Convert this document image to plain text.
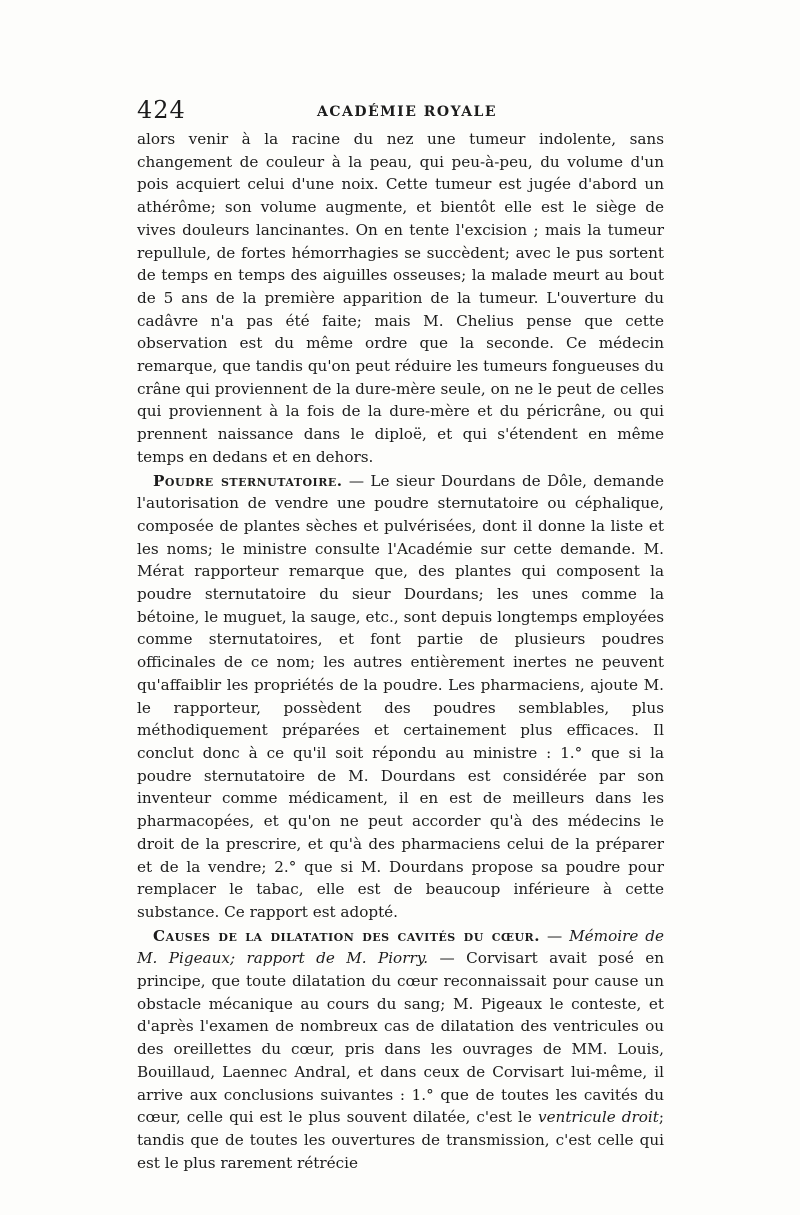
424	ACADÉMIE ROYALE

alors venir à la racine du nez une tumeur indolente, sans changement de couleur à la peau, qui peu-à-peu, du volume d'un pois acquiert celui d'une noix. Cette tumeur est jugée d'abord un athérôme; son volume augmente, et bientôt elle est le siège de vives douleurs lancinantes. On en tente l'excision ; mais la tumeur repullule, de fortes hémorrhagies se succèdent; avec le pus sortent de temps en temps des aiguilles osseuses; la malade meurt au bout de 5 ans de la première apparition de la tumeur. L'ouverture du cadâvre n'a pas été faite; mais M. Chelius pense que cette observation est du même ordre que la seconde. Ce médecin remarque, que tandis qu'on peut réduire les tumeurs fongueuses du crâne qui proviennent de la dure-mère seule, on ne le peut de celles qui proviennent à la fois de la dure-mère et du péricrâne, ou qui prennent naissance dans le diploë, et qui s'étendent en même temps en dedans et en dehors.

Poudre sternutatoire. — Le sieur Dourdans de Dôle, demande l'autorisation de vendre une poudre sternutatoire ou céphalique, composée de plantes sèches et pulvérisées, dont il donne la liste et les noms; le ministre consulte l'Académie sur cette demande. M. Mérat rapporteur remarque que, des plantes qui composent la poudre sternutatoire du sieur Dourdans; les unes comme la bétoine, le muguet, la sauge, etc., sont depuis longtemps employées comme sternutatoires, et font partie de plusieurs poudres officinales de ce nom; les autres entièrement inertes ne peuvent qu'affaiblir les propriétés de la poudre. Les pharmaciens, ajoute M. le rapporteur, possèdent des poudres semblables, plus méthodiquement préparées et certainement plus efficaces. Il conclut donc à ce qu'il soit répondu au ministre : 1.° que si la poudre sternutatoire de M. Dourdans est considérée par son inventeur comme médicament, il en est de meilleurs dans les pharmacopées, et qu'on ne peut accorder qu'à des médecins le droit de la prescrire, et qu'à des pharmaciens celui de la préparer et de la vendre; 2.° que si M. Dourdans propose sa poudre pour remplacer le tabac, elle est de beaucoup inférieure à cette substance. Ce rapport est adopté.

Causes de la dilatation des cavités du cœur. — Mémoire de M. Pigeaux; rapport de M. Piorry. — Corvisart avait posé en principe, que toute dilatation du cœur reconnaissait pour cause un obstacle mécanique au cours du sang; M. Pigeaux le conteste, et d'après l'examen de nombreux cas de dilatation des ventricules ou des oreillettes du cœur, pris dans les ouvrages de MM. Louis, Bouillaud, Laennec Andral, et dans ceux de Corvisart lui-même, il arrive aux conclusions suivantes : 1.° que de toutes les cavités du cœur, celle qui est le plus souvent dilatée, c'est le ventricule droit; tandis que de toutes les ouvertures de transmission, c'est celle qui est le plus rarement rétrécie
